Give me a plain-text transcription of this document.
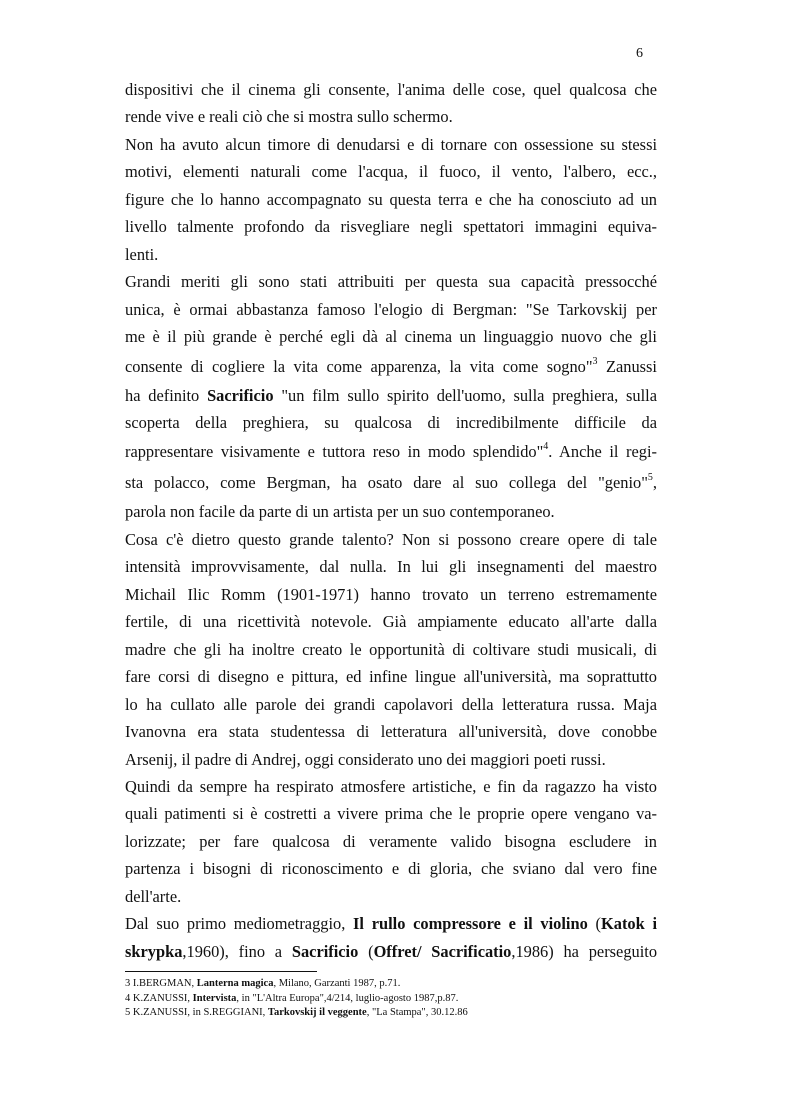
6

dispositivi che il cinema gli consente, l'anima delle cose, quel qualcosa che
rende vive e reali ciò che si mostra sullo schermo.

Non ha avuto alcun timore di denudarsi e di tornare con ossessione su stessi
motivi, elementi naturali come l'acqua, il fuoco, il vento, l'albero, ecc.,
figure che lo hanno accompagnato su questa terra e che ha conosciuto ad un
livello talmente profondo da risvegliare negli spettatori immagini equiva-
lenti.

Grandi meriti gli sono stati attribuiti per questa sua capacità pressocché
unica, è ormai abbastanza famoso l'elogio di Bergman: "Se Tarkovskij per
me è il più grande è perché egli dà al cinema un linguaggio nuovo che gli
consente di cogliere la vita come apparenza, la vita come sogno"$^3$ Zanussi
ha definito Sacrificio "un film sullo spirito dell'uomo, sulla preghiera, sulla
scoperta della preghiera, su qualcosa di incredibilmente difficile da
rappresentare visivamente e tuttora reso in modo splendido"$^4$. Anche il regi-
sta polacco, come Bergman, ha osato dare al suo collega del "genio"$^5$,
parola non facile da parte di un artista per un suo contemporaneo.

Cosa c'è dietro questo grande talento? Non si possono creare opere di tale
intensità improvvisamente, dal nulla. In lui gli insegnamenti del maestro
Michail Ilic Romm (1901-1971) hanno trovato un terreno estremamente
fertile, di una ricettività notevole. Già ampiamente educato all'arte dalla
madre che gli ha inoltre creato le opportunità di coltivare studi musicali, di
fare corsi di disegno e pittura, ed infine lingue all'università, ma soprattutto
lo ha cullato alle parole dei grandi capolavori della letteratura russa. Maja
Ivanovna era stata studentessa di letteratura all'università, dove conobbe
Arsenij, il padre di Andrej, oggi considerato uno dei maggiori poeti russi.

Quindi da sempre ha respirato atmosfere artistiche, e fin da ragazzo ha visto
quali patimenti si è costretti a vivere prima che le proprie opere vengano va-
lorizzate; per fare qualcosa di veramente valido bisogna escludere in
partenza i bisogni di riconoscimento e di gloria, che sviano dal vero fine
dell'arte.

Dal suo primo mediometraggio, Il rullo compressore e il violino (Katok i
skrypka,1960), fino a Sacrificio (Offret/ Sacrificatio,1986) ha perseguito

3 I.BERGMAN, Lanterna magica, Milano, Garzanti 1987, p.71.
4 K.ZANUSSI, Intervista, in "L'Altra Europa",4/214, luglio-agosto 1987,p.87.
5 K.ZANUSSI, in S.REGGIANI, Tarkovskij il veggente, "La Stampa", 30.12.86
